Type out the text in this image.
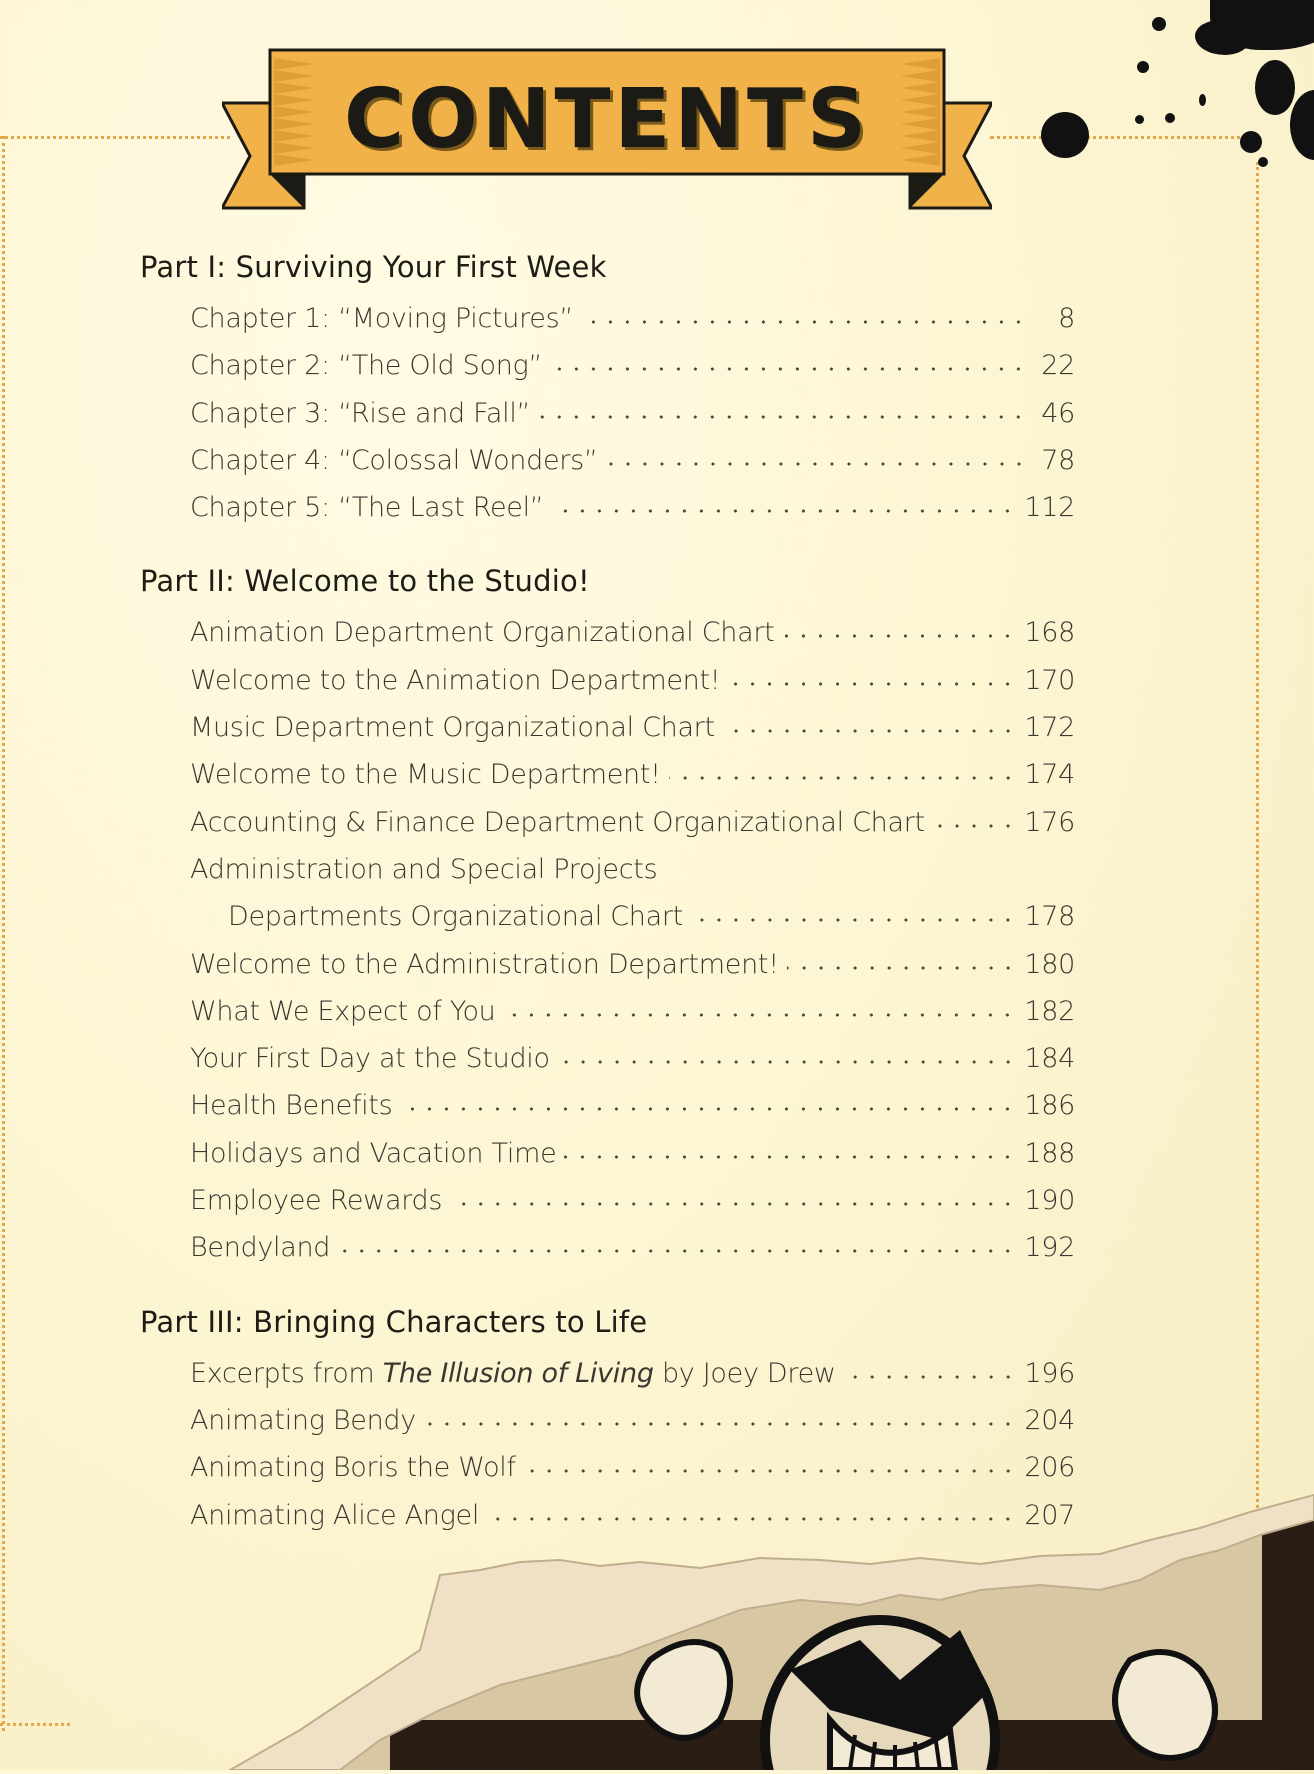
CONTENTS
Part I: Surviving Your First Week
Chapter 1: “Moving Pictures”	8
Chapter 2: “The Old Song”	22
Chapter 3: “Rise and Fall”	46
Chapter 4: “Colossal Wonders”	78
Chapter 5: “The Last Reel”	112
Part II: Welcome to the Studio!
Animation Department Organizational Chart	168
Welcome to the Animation Department!	170
Music Department Organizational Chart	172
Welcome to the Music Department!	174
Accounting & Finance Department Organizational Chart	176
Administration and Special Projects
Departments Organizational Chart	178
Welcome to the Administration Department!	180
What We Expect of You	182
Your First Day at the Studio	184
Health Benefits	186
Holidays and Vacation Time	188
Employee Rewards	190
Bendyland	192
Part III: Bringing Characters to Life
Excerpts from The Illusion of Living by Joey Drew	196
Animating Bendy	204
Animating Boris the Wolf	206
Animating Alice Angel	207
